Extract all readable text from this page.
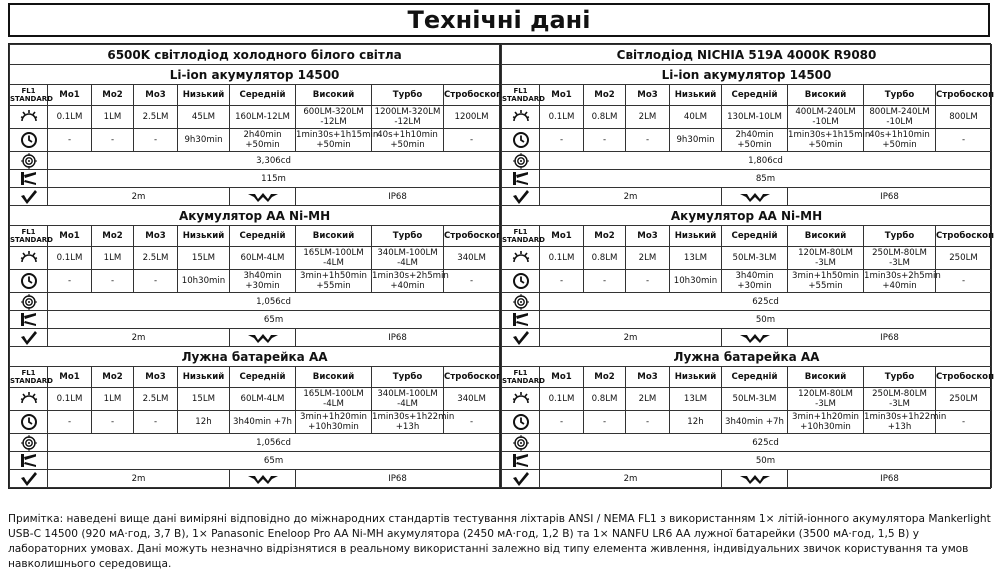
Технічні дані
6500K світлодіод холодного білого світла								
Li-ion акумулятор 14500								

FL1
STANDARD	Мо1	Мо2	Мо3	Низький	Середній	Високий	Турбо	Стробоскоп
	0.1LM	1LM	2.5LM	45LM	160LM-12LM	600LM-320LM -12LM	1200LM-320LM -12LM	1200LM
	-	-	-	9h30min	2h40min +50min	1min30s+1h15min +50min	40s+1h10min +50min	-
	3,306cd							
	115m							
	2m					IP68		
Акумулятор AA Ni-MH								

FL1
STANDARD	Мо1	Мо2	Мо3	Низький	Середній	Високий	Турбо	Стробоскоп
	0.1LM	1LM	2.5LM	15LM	60LM-4LM	165LM-100LM -4LM	340LM-100LM -4LM	340LM
	-	-	-	10h30min	3h40min +30min	3min+1h50min +55min	1min30s+2h5min +40min	-
	1,056cd							
	65m							
	2m					IP68		
Лужна батарейка AA								

FL1
STANDARD	Мо1	Мо2	Мо3	Низький	Середній	Високий	Турбо	Стробоскоп
	0.1LM	1LM	2.5LM	15LM	60LM-4LM	165LM-100LM -4LM	340LM-100LM -4LM	340LM
	-	-	-	12h	3h40min +7h	3min+1h20min +10h30min	1min30s+1h22min +13h	-
	1,056cd							
	65m							
	2m					IP68		
Світлодіод NICHIA 519A 4000K R9080								
Li-ion акумулятор 14500								

FL1
STANDARD	Мо1	Мо2	Мо3	Низький	Середній	Високий	Турбо	Стробоскоп
	0.1LM	0.8LM	2LM	40LM	130LM-10LM	400LM-240LM -10LM	800LM-240LM -10LM	800LM
	-	-	-	9h30min	2h40min +50min	1min30s+1h15min +50min	40s+1h10min +50min	-
	1,806cd							
	85m							
	2m					IP68		
Акумулятор AA Ni-MH								

FL1
STANDARD	Мо1	Мо2	Мо3	Низький	Середній	Високий	Турбо	Стробоскоп
	0.1LM	0.8LM	2LM	13LM	50LM-3LM	120LM-80LM -3LM	250LM-80LM -3LM	250LM
	-	-	-	10h30min	3h40min +30min	3min+1h50min +55min	1min30s+2h5min +40min	-
	625cd							
	50m							
	2m					IP68		
Лужна батарейка AA								

FL1
STANDARD	Мо1	Мо2	Мо3	Низький	Середній	Високий	Турбо	Стробоскоп
	0.1LM	0.8LM	2LM	13LM	50LM-3LM	120LM-80LM -3LM	250LM-80LM -3LM	250LM
	-	-	-	12h	3h40min +7h	3min+1h20min +10h30min	1min30s+1h22min +13h	-
	625cd							
	50m							
	2m					IP68		
Примітка: наведені вище дані виміряні відповідно до міжнародних стандартів тестування ліхтарів ANSI / NEMA FL1 з використанням 1× літій-іонного акумулятора Mankerlight USB-C 14500 (920 мА·год, 3,7 В), 1× Panasonic Eneloop Pro AA Ni-MH акумулятора (2450 мА·год, 1,2 В) та 1× NANFU LR6 AA лужної батарейки (3500 мА·год, 1,5 В) у лабораторних умовах. Дані можуть незначно відрізнятися в реальному використанні залежно від типу елемента живлення, індивідуальних звичок користування та умов навколишнього середовища.
